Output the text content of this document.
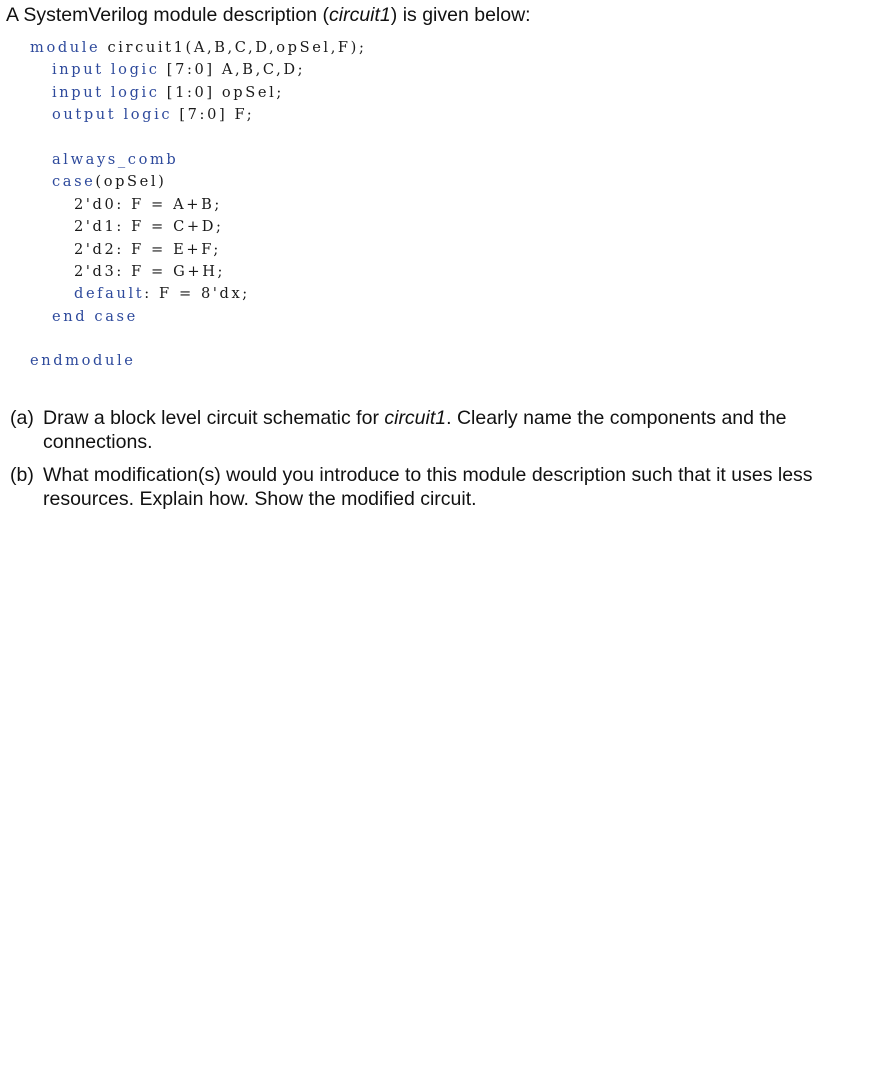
A SystemVerilog module description (circuit1) is given below:
module circuit1(A,B,C,D,opSel,F);
input logic [7:0] A,B,C,D;
input logic [1:0] opSel;
output logic [7:0] F;
always_comb
case(opSel)
2'd0: F = A+B;
2'd1: F = C+D;
2'd2: F = E+F;
2'd3: F = G+H;
default: F = 8'dx;
end case
endmodule
(a) Draw a block level circuit schematic for circuit1. Clearly name the components and the connections.
(b) What modification(s) would you introduce to this module description such that it uses less resources. Explain how. Show the modified circuit.
